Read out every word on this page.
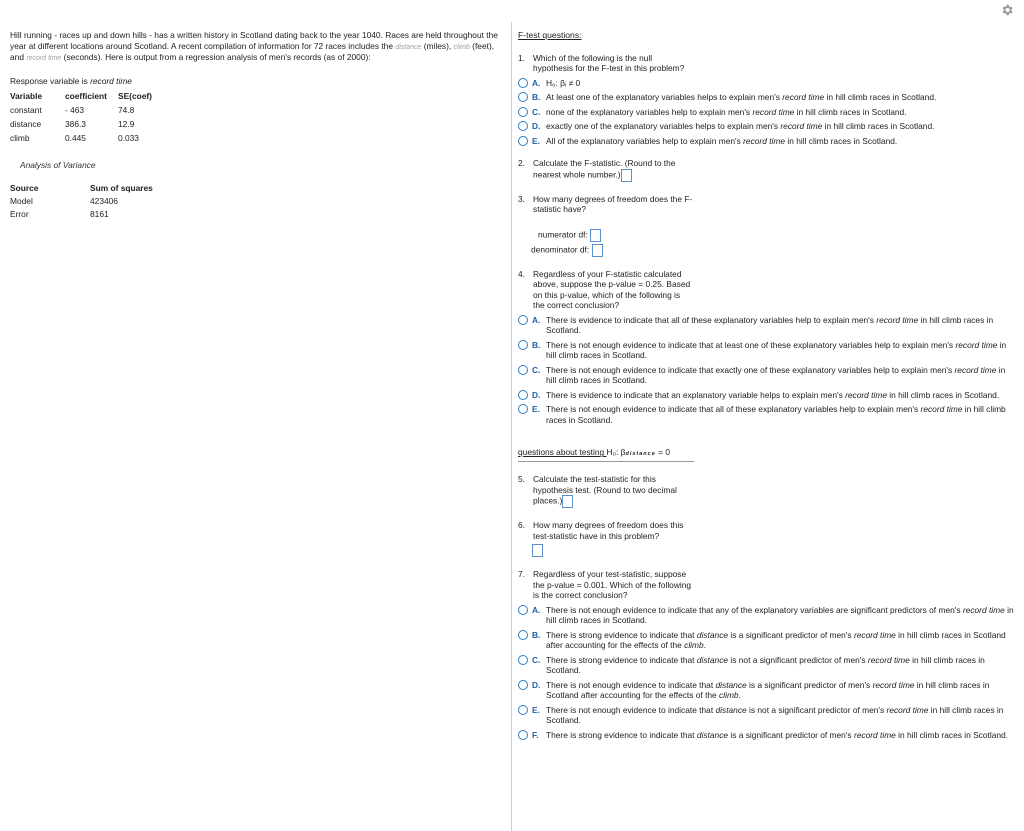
Hill running - races up and down hills - has a written history in Scotland dating back to the year 1040. Races are held throughout the year at different locations around Scotland. A recent compilation of information for 72 races includes the distance (miles), climb (feet), and record time (seconds). Here is output from a regression analysis of men's records (as of 2000):

Response variable is record time
Variable	coefficient	SE(coef)
constant	- 463	74.8
distance	386.3	12.9
climb	0.445	0.033
Analysis of Variance
Source	Sum of squares
Model	423406
Error	8161
F-test questions:
1. Which of the following is the null hypothesis for the F-test in this problem?
A. H₀: βᵢ ≠ 0
B. At least one of the explanatory variables helps to explain men's record time in hill climb races in Scotland.
C. none of the explanatory variables help to explain men's record time in hill climb races in Scotland.
D. exactly one of the explanatory variables helps to explain men's record time in hill climb races in Scotland.
E. All of the explanatory variables help to explain men's record time in hill climb races in Scotland.
2. Calculate the F-statistic. (Round to the nearest whole number.)
3. How many degrees of freedom does the F-statistic have?
numerator df:
denominator df:
4. Regardless of your F-statistic calculated above, suppose the p-value = 0.25. Based on this p-value, which of the following is the correct conclusion?
A. There is evidence to indicate that all of these explanatory variables help to explain men's record time in hill climb races in Scotland.
B. There is not enough evidence to indicate that at least one of these explanatory variables help to explain men's record time in hill climb races in Scotland.
C. There is not enough evidence to indicate that exactly one of these explanatory variables help to explain men's record time in hill climb races in Scotland.
D. There is evidence to indicate that an explanatory variable helps to explain men's record time in hill climb races in Scotland.
E. There is not enough evidence to indicate that all of these explanatory variables help to explain men's record time in hill climb races in Scotland.
questions about testing H₀: βdistance = 0
5. Calculate the test-statistic for this hypothesis test. (Round to two decimal places.)
6. How many degrees of freedom does this test-statistic have in this problem?
7. Regardless of your test-statistic, suppose the p-value = 0.001. Which of the following is the correct conclusion?
A. There is not enough evidence to indicate that any of the explanatory variables are significant predictors of men's record time in hill climb races in Scotland.
B. There is strong evidence to indicate that distance is a significant predictor of men's record time in hill climb races in Scotland after accounting for the effects of the climb.
C. There is strong evidence to indicate that distance is not a significant predictor of men's record time in hill climb races in Scotland.
D. There is not enough evidence to indicate that distance is a significant predictor of men's record time in hill climb races in Scotland after accounting for the effects of the climb.
E. There is not enough evidence to indicate that distance is not a significant predictor of men's record time in hill climb races in Scotland.
F. There is strong evidence to indicate that distance is a significant predictor of men's record time in hill climb races in Scotland.
